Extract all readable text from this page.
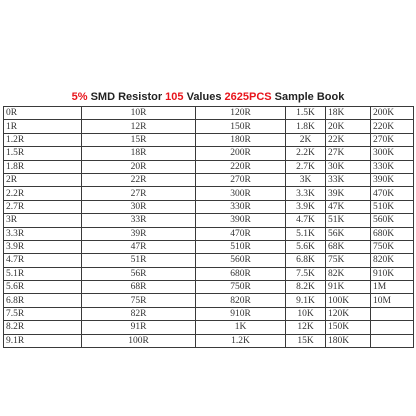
5% SMD Resistor 105 Values 2625PCS Sample Book
0R	10R	120R	1.5K	18K	200K
1R	12R	150R	1.8K	20K	220K
1.2R	15R	180R	2K	22K	270K
1.5R	18R	200R	2.2K	27K	300K
1.8R	20R	220R	2.7K	30K	330K
2R	22R	270R	3K	33K	390K
2.2R	27R	300R	3.3K	39K	470K
2.7R	30R	330R	3.9K	47K	510K
3R	33R	390R	4.7K	51K	560K
3.3R	39R	470R	5.1K	56K	680K
3.9R	47R	510R	5.6K	68K	750K
4.7R	51R	560R	6.8K	75K	820K
5.1R	56R	680R	7.5K	82K	910K
5.6R	68R	750R	8.2K	91K	1M
6.8R	75R	820R	9.1K	100K	10M
7.5R	82R	910R	10K	120K	
8.2R	91R	1K	12K	150K	
9.1R	100R	1.2K	15K	180K	
